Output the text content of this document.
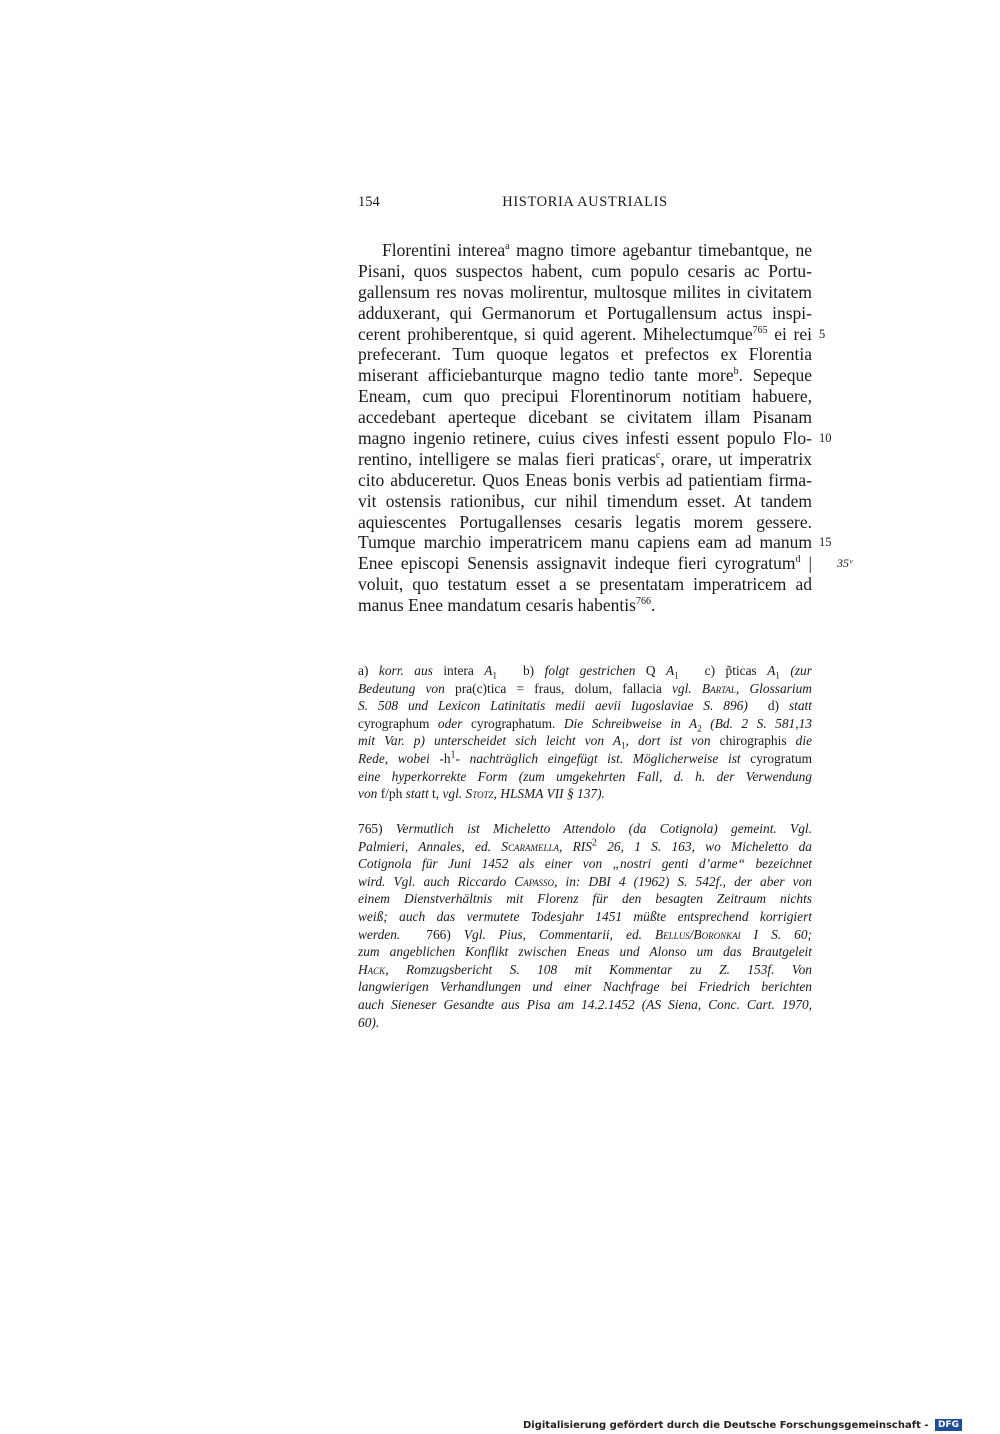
154	HISTORIA AUSTRIALIS
Florentini interea$^a$ magno timore agebantur timebantque, ne
Pisani, quos suspectos habent, cum populo cesaris ac Portu-
gallensum res novas molirentur, multosque milites in civitatem
adduxerant, qui Germanorum et Portugallensum actus inspi-
cerent prohiberentque, si quid agerent. Mihelectumque$^{765}$ ei rei 5
prefecerant. Tum quoque legatos et prefectos ex Florentia
miserant afficiebanturque magno tedio tante more$^b$. Sepeque
Eneam, cum quo precipui Florentinorum notitiam habuere,
accedebant aperteque dicebant se civitatem illam Pisanam
magno ingenio retinere, cuius cives infesti essent populo Flo- 10
rentino, intelligere se malas fieri praticas$^c$, orare, ut imperatrix
cito abduceretur. Quos Eneas bonis verbis ad patientiam firma-
vit ostensis rationibus, cur nihil timendum esset. At tandem
aquiescentes Portugallenses cesaris legatis morem gessere.
Tumque marchio imperatricem manu capiens eam ad manum 15
Enee episcopi Senensis assignavit indeque fieri cyrogratum$^d$ | 35ᵛ
voluit, quo testatum esset a se presentatam imperatricem ad
manus Enee mandatum cesaris habentis$^{766}$.
a) korr. aus intera $A_1$ b) folgt gestrichen Q $A_1$ c) p̃ticas $A_1$ (zur
Bedeutung von pra(c)tica = fraus, dolum, fallacia vgl. Bartal, Glossarium
S. 508 und Lexicon Latinitatis medii aevii Iugoslaviae S. 896) d) statt
cyrographum oder cyrographatum. Die Schreibweise in $A_2$ (Bd. 2 S. 581,13
mit Var. p) unterscheidet sich leicht von $A_1$, dort ist von chirographis die
Rede, wobei $-h^1-$ nachträglich eingefügt ist. Möglicherweise ist cyrogratum
eine hyperkorrekte Form (zum umgekehrten Fall, d. h. der Verwendung
von f/ph statt t, vgl. Stotz, HLSMA VII § 137).
765) Vermutlich ist Micheletto Attendolo (da Cotignola) gemeint. Vgl.
Palmieri, Annales, ed. Scaramella, RIS$^2$ 26, 1 S. 163, wo Micheletto da
Cotignola für Juni 1452 als einer von „nostri genti d’arme“ bezeichnet
wird. Vgl. auch Riccardo Capasso, in: DBI 4 (1962) S. 542f., der aber von
einem Dienstverhältnis mit Florenz für den besagten Zeitraum nichts
weiß; auch das vermutete Todesjahr 1451 müßte entsprechend korrigiert
werden. 766) Vgl. Pius, Commentarii, ed. Bellus/Boronkai I S. 60;
zum angeblichen Konflikt zwischen Eneas und Alonso um das Brautgeleit
Hack, Romzugsbericht S. 108 mit Kommentar zu Z. 153f. Von
langwierigen Verhandlungen und einer Nachfrage bei Friedrich berichten
auch Sieneser Gesandte aus Pisa am 14.2.1452 (AS Siena, Conc. Cart. 1970,
60).
Digitalisierung gefördert durch die Deutsche Forschungsgemeinschaft - DFG
